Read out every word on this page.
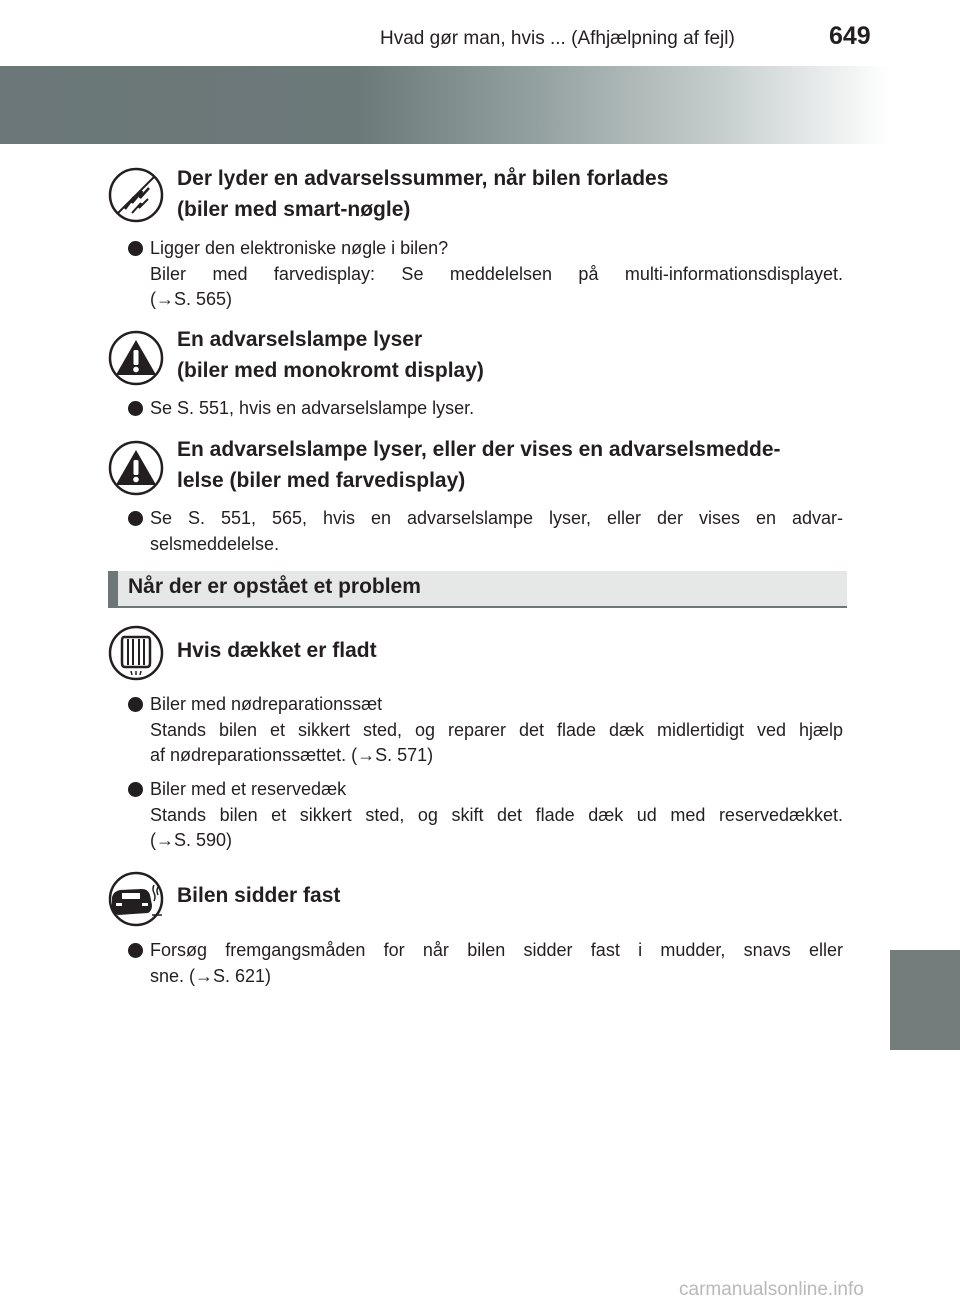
Hvad gør man, hvis ... (Afhjælpning af fejl)	649
Der lyder en advarselssummer, når bilen forlades
(biler med smart-nøgle)
Ligger den elektroniske nøgle i bilen?
Biler med farvedisplay: Se meddelelsen på multi-informationsdisplayet.
(→S. 565)
En advarselslampe lyser
(biler med monokromt display)
Se S. 551, hvis en advarselslampe lyser.
En advarselslampe lyser, eller der vises en advarselsmedde-
lelse (biler med farvedisplay)
Se S. 551, 565, hvis en advarselslampe lyser, eller der vises en advar-
selsmeddelelse.
Når der er opstået et problem
Hvis dækket er fladt
Biler med nødreparationssæt
Stands bilen et sikkert sted, og reparer det flade dæk midlertidigt ved hjælp
af nødreparationssættet. (→S. 571)
Biler med et reservedæk
Stands bilen et sikkert sted, og skift det flade dæk ud med reservedækket.
(→S. 590)
Bilen sidder fast
Forsøg fremgangsmåden for når bilen sidder fast i mudder, snavs eller
sne. (→S. 621)
carmanualsonline.info
